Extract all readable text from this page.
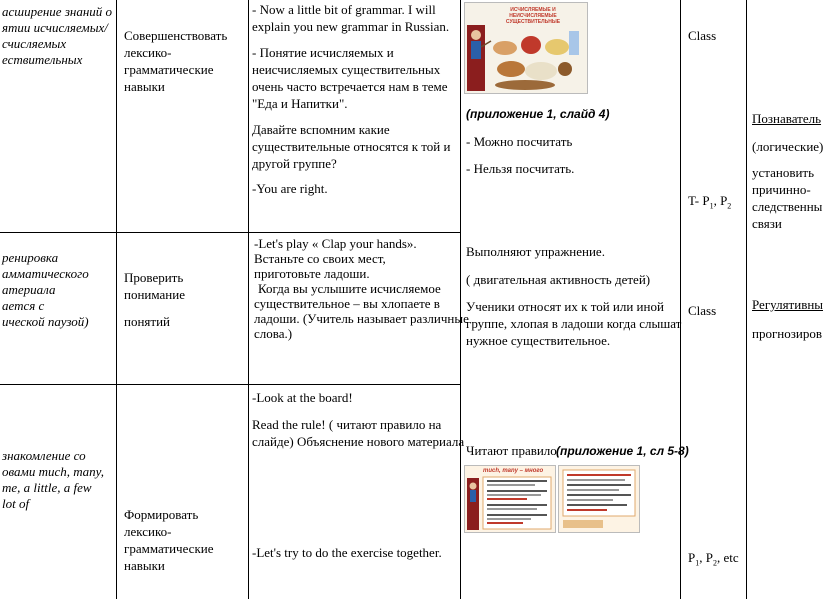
асширение знаний о
ятии исчисляемых/
счисляемых
ествительных
ренировка
амматического
атериала
ается с
ической паузой)
знакомление со
овами much, many,
me, a little, a few
lot of
Совершенствовать
лексико-
грамматические
навыки
Проверить
понимание
понятий
Формировать
лексико-
грамматические
навыки
- Now a little bit of grammar. I will
explain you new grammar in Russian.
- Понятие исчисляемых и
неисчисляемых существительных
очень часто встречается нам в теме
"Еда и Напитки".
Давайте вспомним какие
существительные относятся к той и
другой группе?
-You are right.
-Let's play « Clap your hands».
Встаньте со своих мест,
приготовьте ладоши.
Когда вы услышите исчисляемое
существительное – вы хлопаете в
ладоши. (Учитель называет различные
слова.)
-Look at the board!
Read the rule! ( читают правило на
слайде) Объяснение нового материала
-Let's try to do the exercise together.
ИСЧИСЛЯЕМЫЕ И НЕИСЧИСЛЯЕМЫЕ СУЩЕСТВИТЕЛЬНЫЕ
(приложение 1, слайд 4)
- Можно посчитать
- Нельзя посчитать.
Выполняют упражнение.
( двигательная активность детей)
Ученики относят их к той или иной
группе, хлопая в ладоши когда слышат
нужное существительное.
Читают правило (приложение 1, сл 5-8)
much, many – много
Class
T- $P_1$, $P_2$
Class
$P_1$, $P_2$, etc
Познаватель
(логические)
установить
причинно-
следственны
связи
Регулятивны
прогнозиров
